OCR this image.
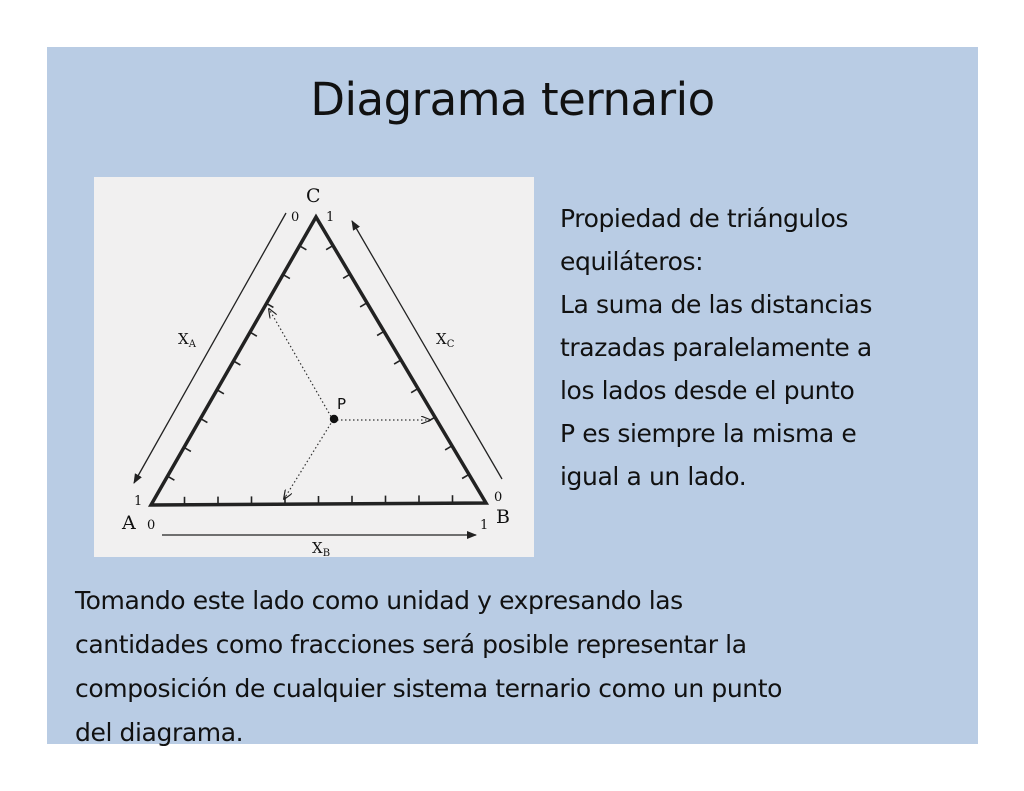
Diagrama ternario
P
C
A	B
0 1
1
0
0
1
$X_A$	$X_C$
$X_B$
Propiedad de triángulos
equiláteros:
La suma de las distancias
trazadas paralelamente a
los lados desde el punto
P es siempre la misma e
igual a un lado.
Tomando este lado como unidad y expresando las
cantidades como fracciones será posible representar la
composición de cualquier sistema ternario como un punto
del diagrama.
